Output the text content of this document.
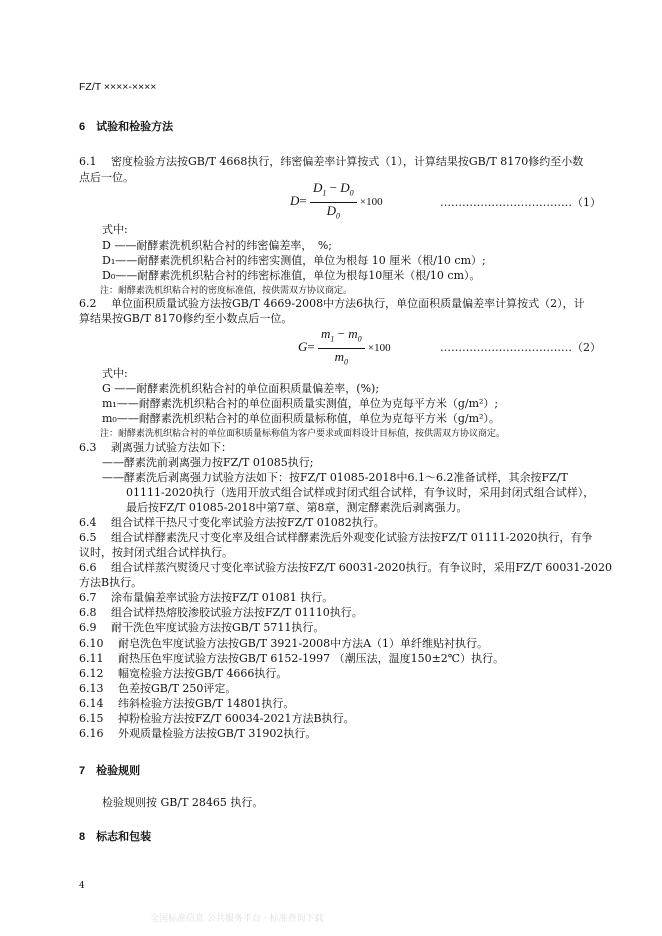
FZ/T ××××-××××
6　试验和检验方法
6.1　 密度检验方法按GB/T 4668执行，纬密偏差率计算按式（1），计算结果按GB/T 8170修约至小数
点后一位。
$D= \frac{D_1 - D_0}{D_0} \times 100$	………………………………（1）
式中:
D ——耐酵素洗机织粘合衬的纬密偏差率，　%;
D₁——耐酵素洗机织粘合衬的纬密实测值，单位为根每 10 厘米（根/10 cm）;
D₀——耐酵素洗机织粘合衬的纬密标准值，单位为根每10厘米（根/10 cm）。
注：耐酵素洗机织粘合衬的密度标准值，按供需双方协议商定。
6.2　 单位面积质量试验方法按GB/T 4669-2008中方法6执行，单位面积质量偏差率计算按式（2），计
算结果按GB/T 8170修约至小数点后一位。
$G= \frac{m_1 - m_0}{m_0} \times 100$	………………………………（2）
式中:
G ——耐酵素洗机织粘合衬的单位面积质量偏差率，(%);
m₁——耐酵素洗机织粘合衬的单位面积质量实测值，单位为克每平方米（g/m²）;
m₀——耐酵素洗机织粘合衬的单位面积质量标称值，单位为克每平方米（g/m²）。
注：耐酵素洗机织粘合衬的单位面积质量标称值为客户要求或面料设计目标值，按供需双方协议商定。
6.3　 剥离强力试验方法如下：
——酵素洗前剥离强力按FZ/T 01085执行;
——酵素洗后剥离强力试验方法如下：按FZ/T 01085-2018中6.1～6.2准备试样，其余按FZ/T
01111-2020执行（选用开放式组合试样或封闭式组合试样，有争议时，采用封闭式组合试样），
最后按FZ/T 01085-2018中第7章、第8章，测定酵素洗后剥离强力。
6.4　 组合试样干热尺寸变化率试验方法按FZ/T 01082执行。
6.5　 组合试样酵素洗尺寸变化率及组合试样酵素洗后外观变化试验方法按FZ/T 01111-2020执行，有争
议时，按封闭式组合试样执行。
6.6　 组合试样蒸汽熨烫尺寸变化率试验方法按FZ/T 60031-2020执行。有争议时，采用FZ/T 60031-2020
方法B执行。
6.7　 涂布量偏差率试验方法按FZ/T 01081 执行。
6.8　 组合试样热熔胶渗胶试验方法按FZ/T 01110执行。
6.9　 耐干洗色牢度试验方法按GB/T 5711执行。
6.10　 耐皂洗色牢度试验方法按GB/T 3921-2008中方法A（1）单纤维贴衬执行。
6.11　 耐热压色牢度试验方法按GB/T 6152-1997 （潮压法，温度150±2℃）执行。
6.12　 幅宽检验方法按GB/T 4666执行。
6.13　 色差按GB/T 250评定。
6.14　 纬斜检验方法按GB/T 14801执行。
6.15　 掉粉检验方法按FZ/T 60034-2021方法B执行。
6.16　 外观质量检验方法按GB/T 31902执行。
7　检验规则
检验规则按 GB/T 28465 执行。
8　标志和包装
4
全国标准信息 公共服务平台 · 标准查询下载
